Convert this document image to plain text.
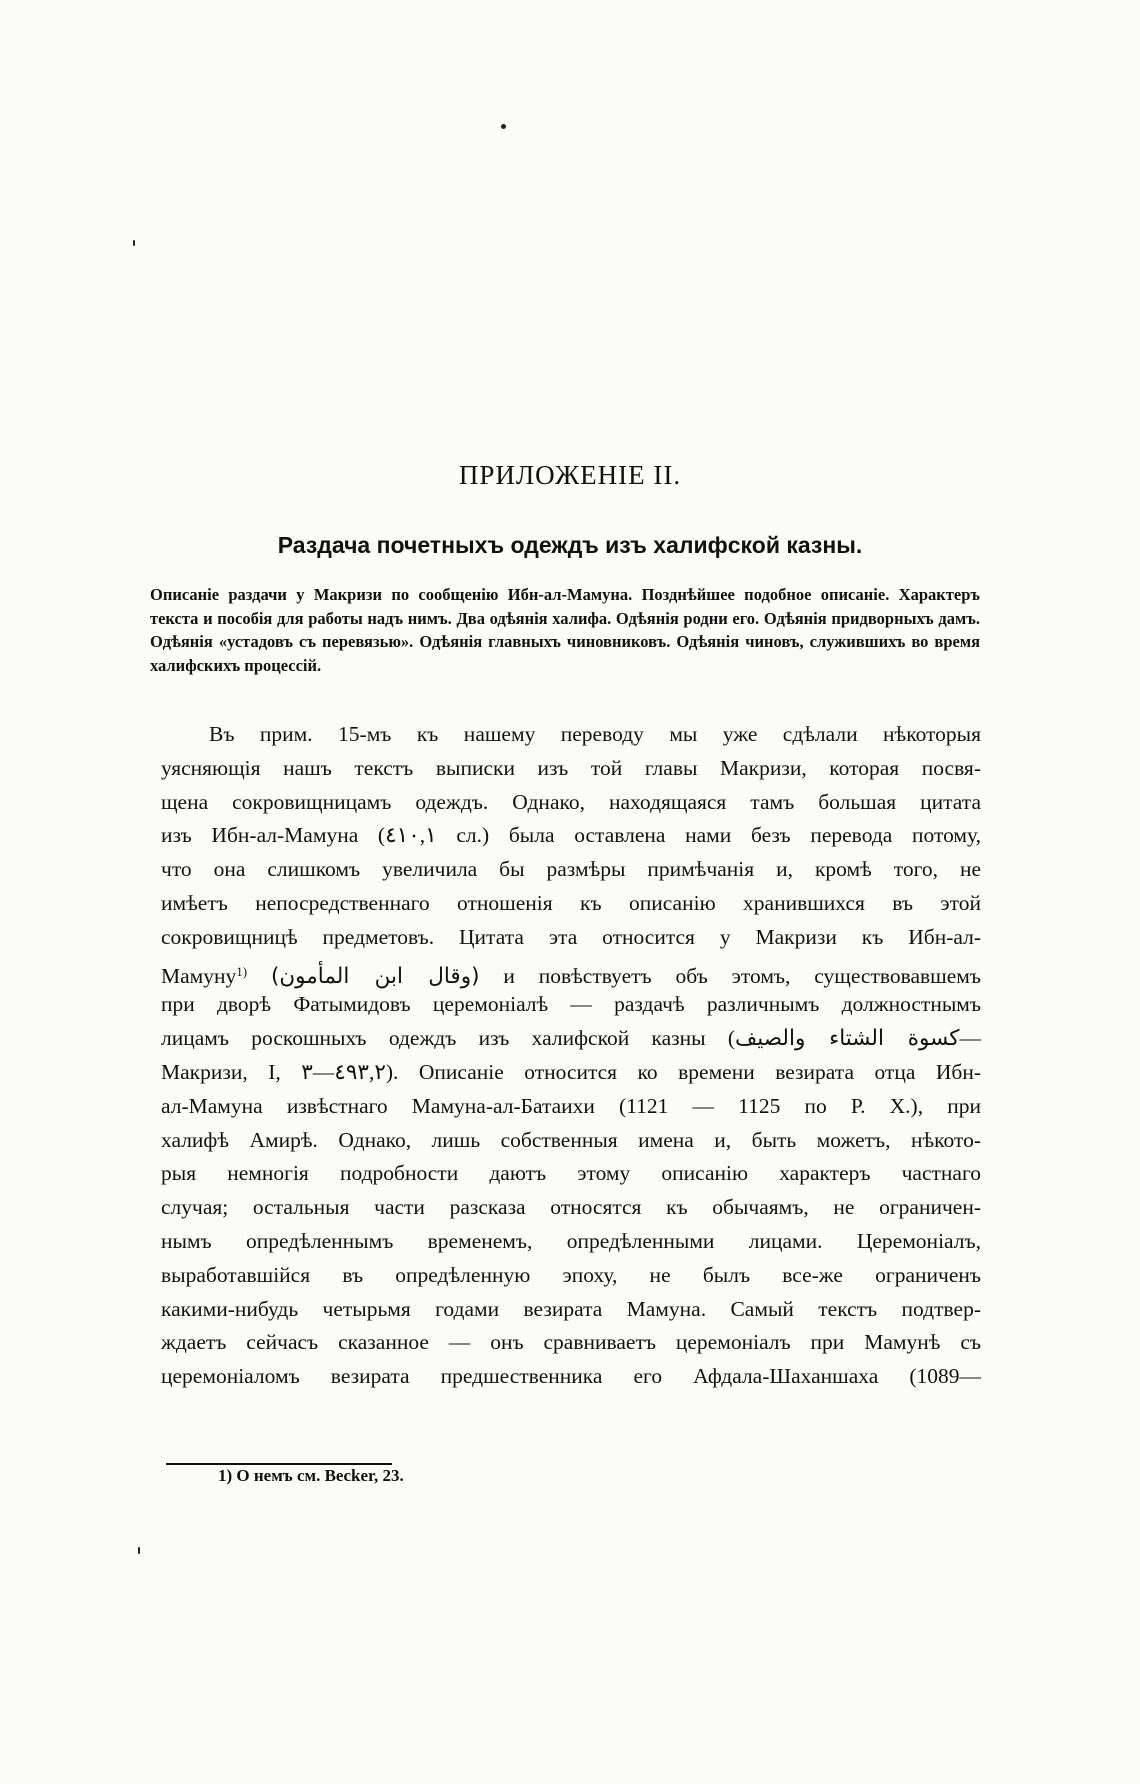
ПРИЛОЖЕНІЕ II.
Раздача почетныхъ одеждъ изъ халифской казны.
Описаніе раздачи у Макризи по сообщенію Ибн-ал-Мамуна. Позднѣйшее подобное описаніе. Характеръ текста и пособія для работы надъ нимъ. Два одѣянія халифа. Одѣянія родни его. Одѣянія придворныхъ дамъ. Одѣянія «устадовъ съ перевязью». Одѣянія главныхъ чиновниковъ. Одѣянія чиновъ, служившихъ во время халифскихъ процессій.
Въ прим. 15-мъ къ нашему переводу мы уже сдѣлали нѣкоторыя
уясняющія нашъ текстъ выписки изъ той главы Макризи, которая посвя-
щена сокровищницамъ одеждъ. Однако, находящаяся тамъ большая цитата
изъ Ибн-ал-Мамуна (٤١٠,١ сл.) была оставлена нами безъ перевода потому,
что она слишкомъ увеличила бы размѣры примѣчанія и, кромѣ того, не
имѣетъ непосредственнаго отношенія къ описанію хранившихся въ этой
сокровищницѣ предметовъ. Цитата эта относится у Макризи къ Ибн-ал-
Мамуну$^{1)}$ (وقال ابن المأمون) и повѣствуетъ объ этомъ, существовавшемъ
при дворѣ Фатымидовъ церемоніалѣ — раздачѣ различнымъ должностнымъ
лицамъ роскошныхъ одеждъ изъ халифской казны (كسوة الشتاء والصيف—
Макризи, I, ٤٩٣,٢—٣). Описаніе относится ко времени везирата отца Ибн-
ал-Мамуна извѣстнаго Мамуна-ал-Батаихи (1121 — 1125 по Р. Х.), при
халифѣ Амирѣ. Однако, лишь собственныя имена и, быть можетъ, нѣкото-
рыя немногія подробности даютъ этому описанію характеръ частнаго
случая; остальныя части разсказа относятся къ обычаямъ, не ограничен-
нымъ опредѣленнымъ временемъ, опредѣленными лицами. Церемоніалъ,
выработавшійся въ опредѣленную эпоху, не былъ все-же ограниченъ
какими-нибудь четырьмя годами везирата Мамуна. Самый текстъ подтвер-
ждаетъ сейчасъ сказанное — онъ сравниваетъ церемоніалъ при Мамунѣ съ
церемоніаломъ везирата предшественника его Афдала-Шаханшаха (1089—
1) О немъ см. Becker, 23.
